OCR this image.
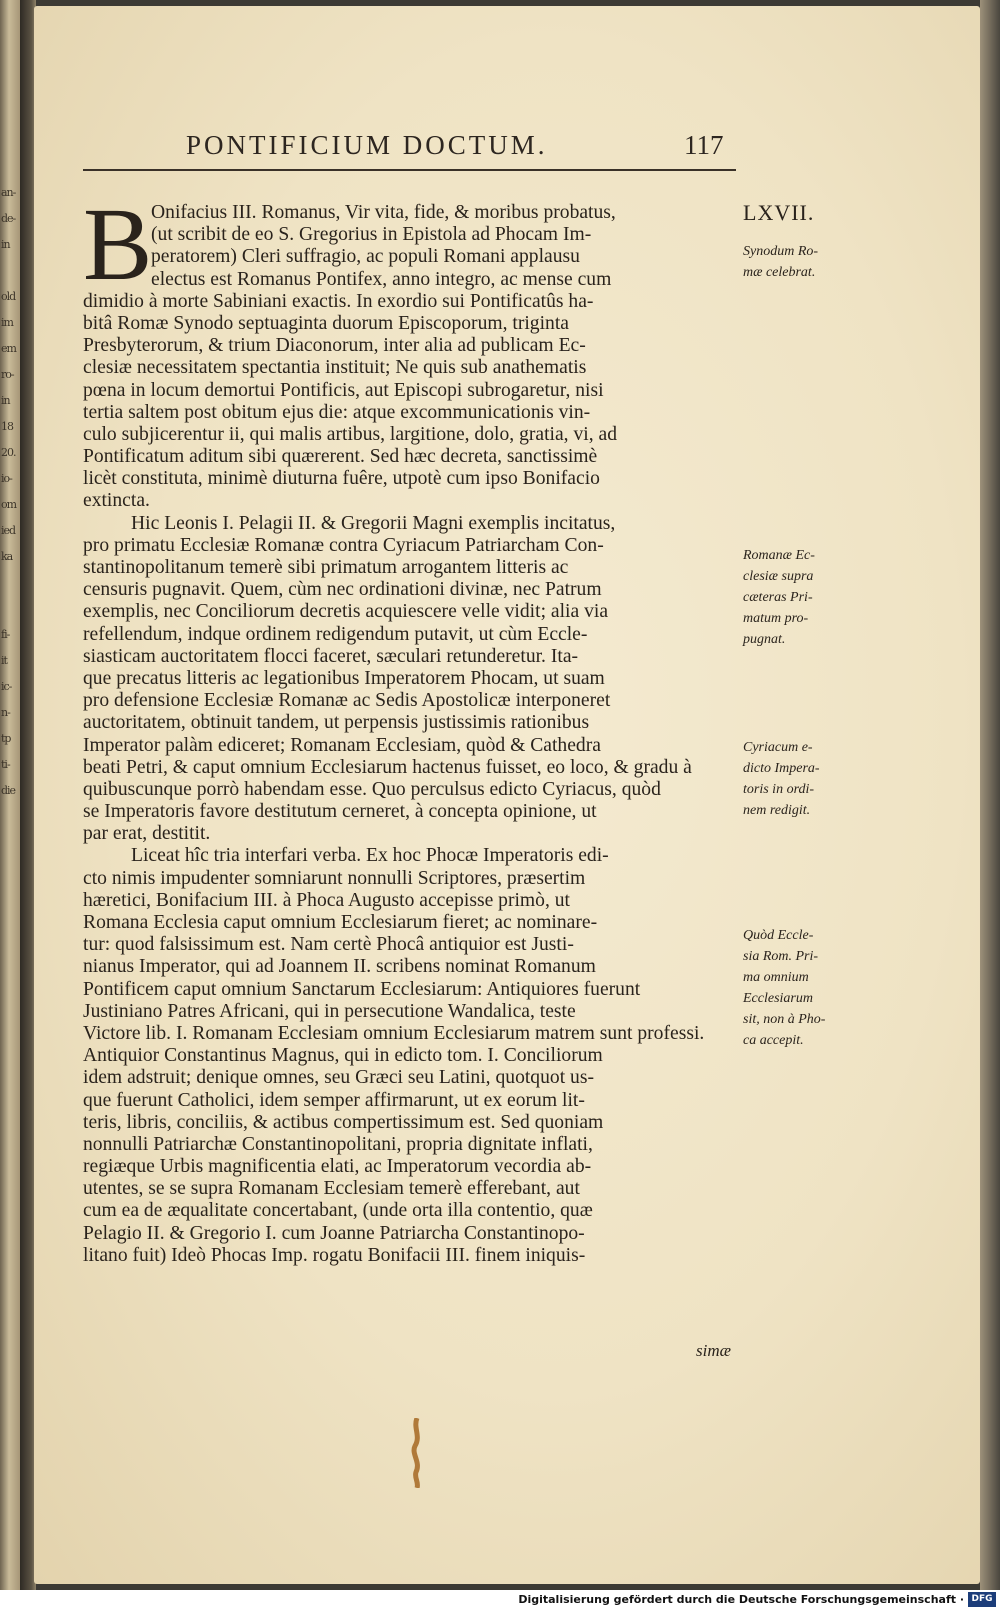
an-
de-
in

old
im
em
ro-
in
18
20.
io-
om
ied
ka

fi-
it
ic-
n-
tp
ti-
die
PONTIFICIUM DOCTUM.	117
LXVII.
B
Onifacius III. Romanus, Vir vita, fide, & moribus probatus,
(ut scribit de eo S. Gregorius in Epistola ad Phocam Im-
peratorem) Cleri suffragio, ac populi Romani applausu
electus est Romanus Pontifex, anno integro, ac mense cum
dimidio à morte Sabiniani exactis. In exordio sui Pontificatûs ha-
bitâ Romæ Synodo septuaginta duorum Episcoporum, triginta
Presbyterorum, & trium Diaconorum, inter alia ad publicam Ec-
clesiæ necessitatem spectantia instituit; Ne quis sub anathematis
pœna in locum demortui Pontificis, aut Episcopi subrogaretur, nisi
tertia saltem post obitum ejus die: atque excommunicationis vin-
culo subjicerentur ii, qui malis artibus, largitione, dolo, gratia, vi, ad
Pontificatum aditum sibi quærerent. Sed hæc decreta, sanctissimè
licèt constituta, minimè diuturna fuêre, utpotè cum ipso Bonifacio
extincta.
Hic Leonis I. Pelagii II. & Gregorii Magni exemplis incitatus,
pro primatu Ecclesiæ Romanæ contra Cyriacum Patriarcham Con-
stantinopolitanum temerè sibi primatum arrogantem litteris ac
censuris pugnavit. Quem, cùm nec ordinationi divinæ, nec Patrum
exemplis, nec Conciliorum decretis acquiescere velle vidit; alia via
refellendum, indque ordinem redigendum putavit, ut cùm Eccle-
siasticam auctoritatem flocci faceret, sæculari retunderetur. Ita-
que precatus litteris ac legationibus Imperatorem Phocam, ut suam
pro defensione Ecclesiæ Romanæ ac Sedis Apostolicæ interponeret
auctoritatem, obtinuit tandem, ut perpensis justissimis rationibus
Imperator palàm ediceret; Romanam Ecclesiam, quòd & Cathedra
beati Petri, & caput omnium Ecclesiarum hactenus fuisset, eo loco, & gradu à
quibuscunque porrò habendam esse. Quo perculsus edicto Cyriacus, quòd
se Imperatoris favore destitutum cerneret, à concepta opinione, ut
par erat, destitit.
Liceat hîc tria interfari verba. Ex hoc Phocæ Imperatoris edi-
cto nimis impudenter somniarunt nonnulli Scriptores, præsertim
hæretici, Bonifacium III. à Phoca Augusto accepisse primò, ut
Romana Ecclesia caput omnium Ecclesiarum fieret; ac nominare-
tur: quod falsissimum est. Nam certè Phocâ antiquior est Justi-
nianus Imperator, qui ad Joannem II. scribens nominat Romanum
Pontificem caput omnium Sanctarum Ecclesiarum: Antiquiores fuerunt
Justiniano Patres Africani, qui in persecutione Wandalica, teste
Victore lib. I. Romanam Ecclesiam omnium Ecclesiarum matrem sunt professi.
Antiquior Constantinus Magnus, qui in edicto tom. I. Conciliorum
idem adstruit; denique omnes, seu Græci seu Latini, quotquot us-
que fuerunt Catholici, idem semper affirmarunt, ut ex eorum lit-
teris, libris, conciliis, & actibus compertissimum est. Sed quoniam
nonnulli Patriarchæ Constantinopolitani, propria dignitate inflati,
regiæque Urbis magnificentia elati, ac Imperatorum vecordia ab-
utentes, se se supra Romanam Ecclesiam temerè efferebant, aut
cum ea de æqualitate concertabant, (unde orta illa contentio, quæ
Pelagio II. & Gregorio I. cum Joanne Patriarcha Constantinopo-
litano fuit) Ideò Phocas Imp. rogatu Bonifacii III. finem iniquis-
Synodum Ro-
mæ celebrat.
Romanæ Ec-
clesiæ supra
cæteras Pri-
matum pro-
pugnat.
Cyriacum e-
dicto Impera-
toris in ordi-
nem redigit.
Quòd Eccle-
sia Rom. Pri-
ma omnium
Ecclesiarum
sit, non à Pho-
ca accepit.
simæ
Digitalisierung gefördert durch die Deutsche Forschungsgemeinschaft · DFG
